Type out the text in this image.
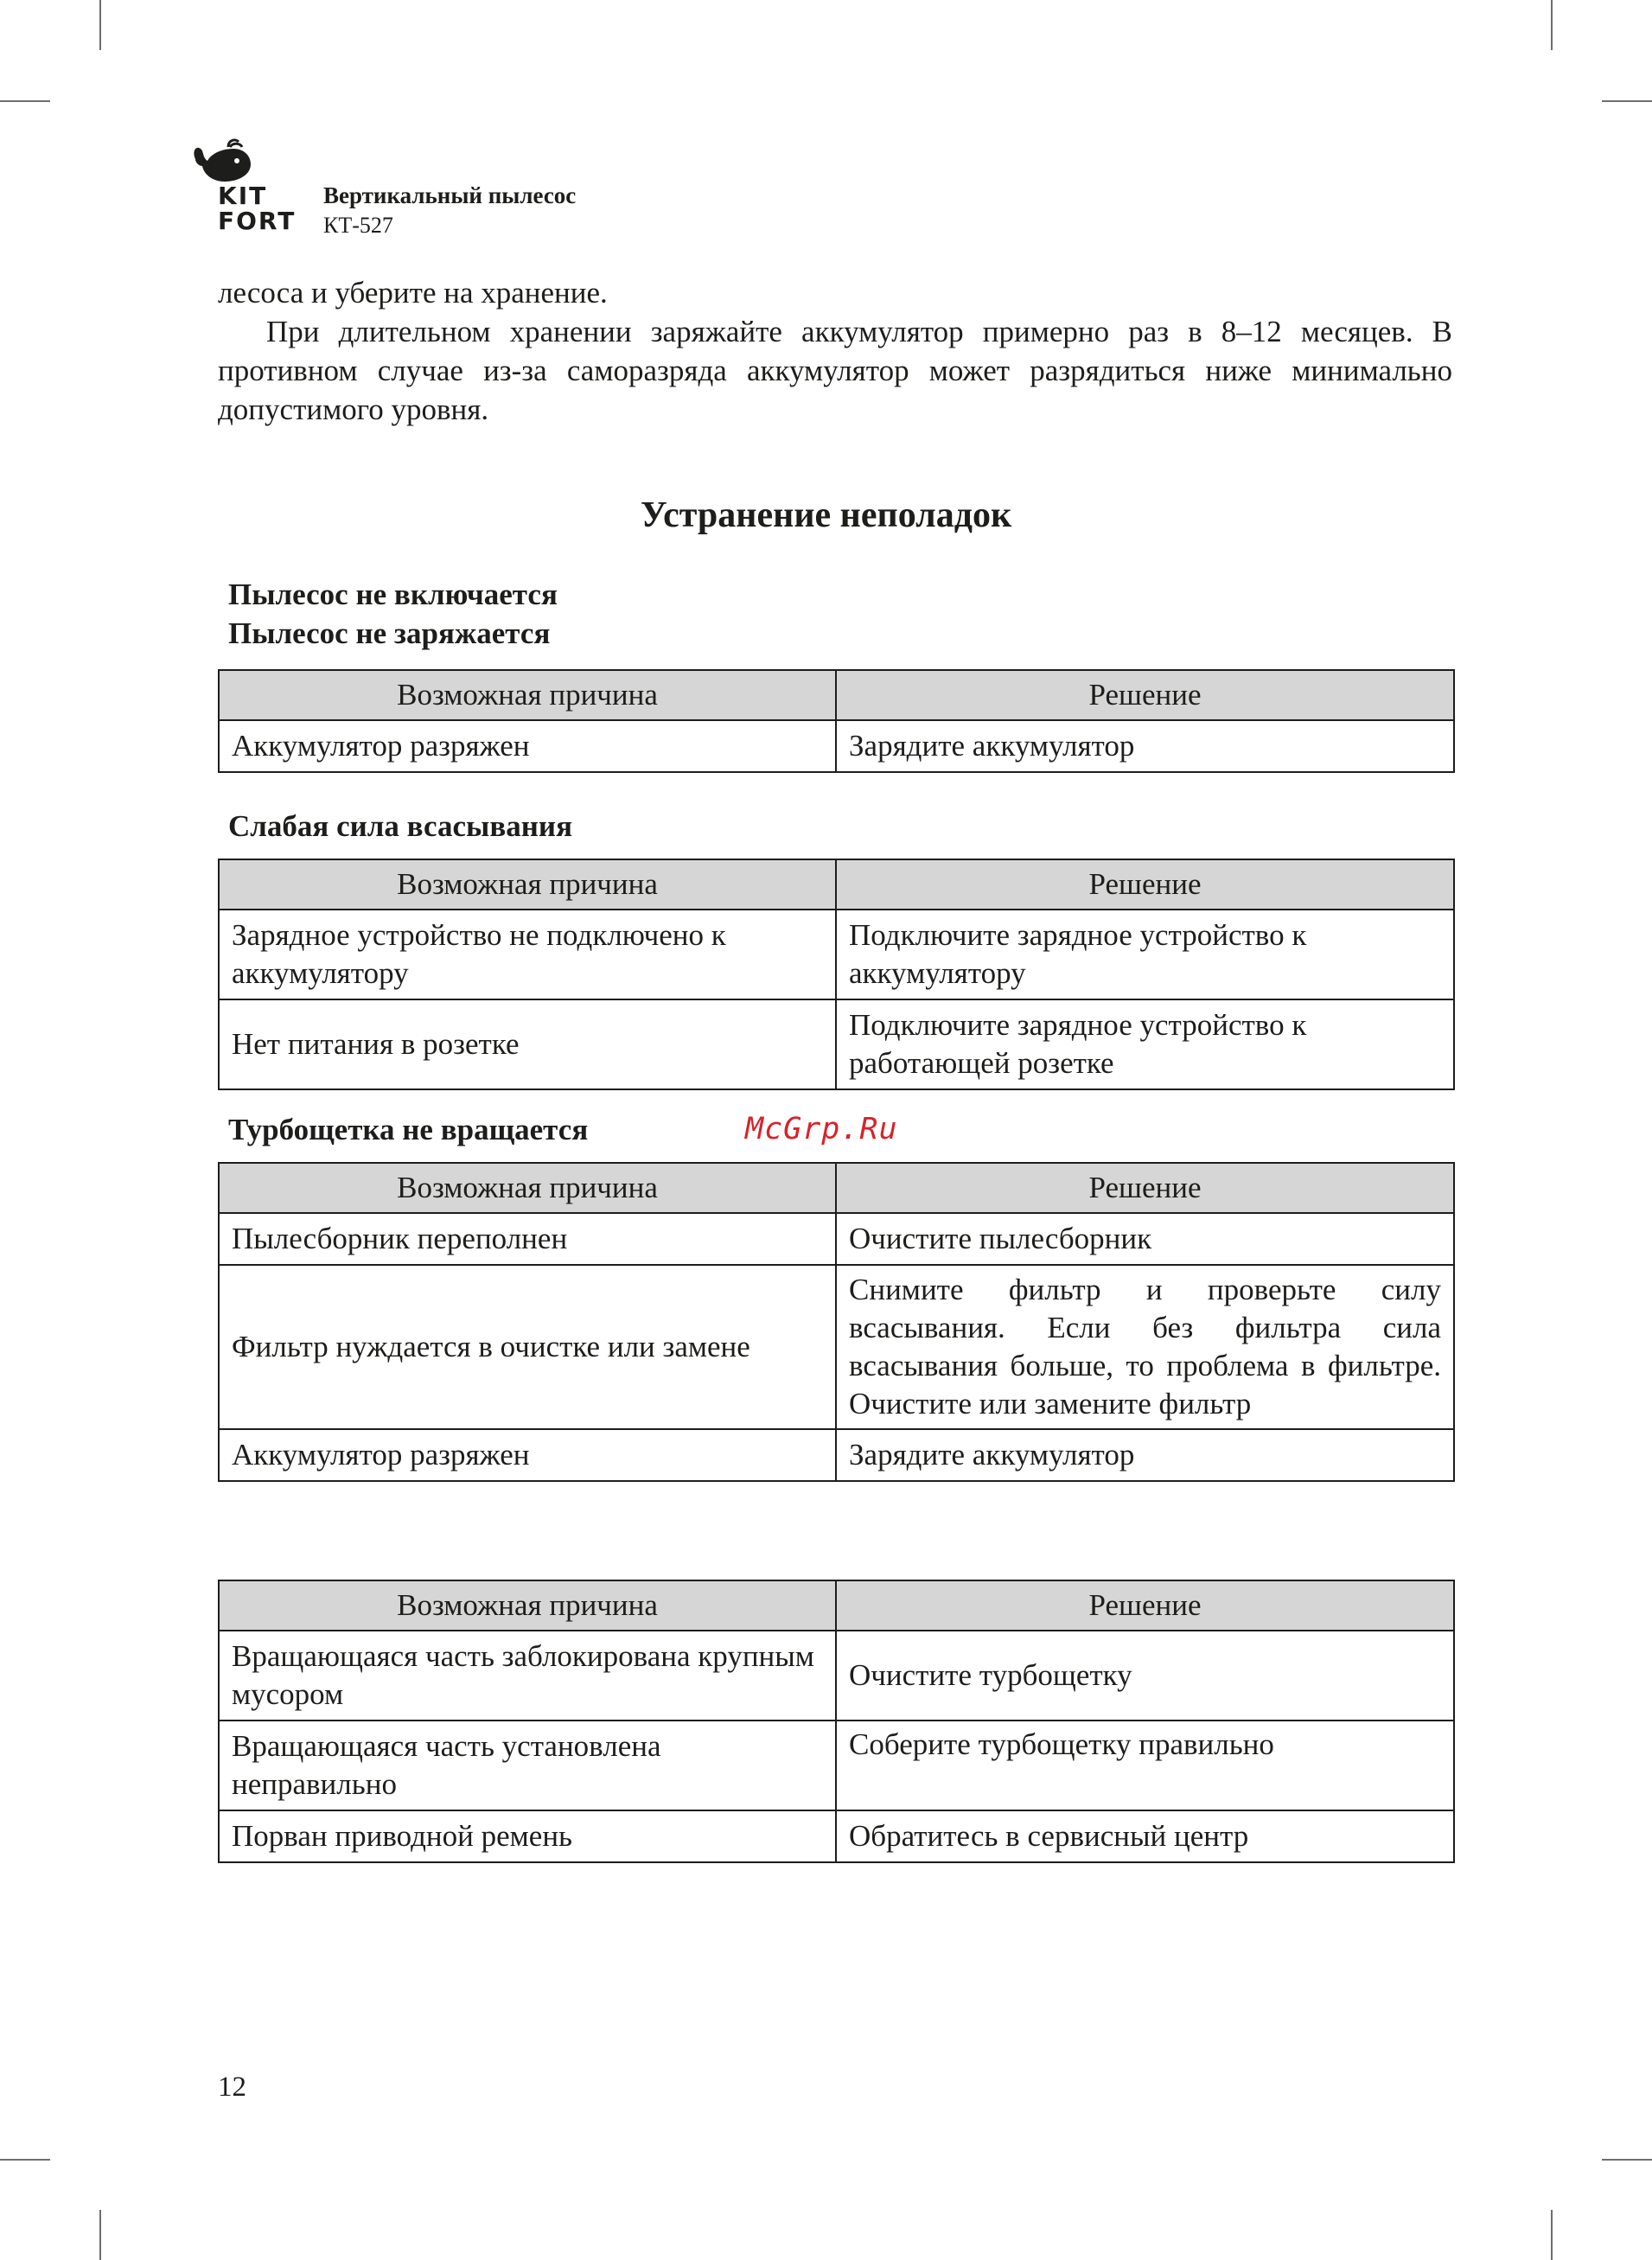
KIT
FORT
Вертикальный пылесос
КТ-527

лесоса и уберите на хранение.

При длительном хранении заряжайте аккумулятор примерно раз в 8–12 месяцев. В противном случае из-за саморазряда аккумулятор может разрядиться ниже минимально допустимого уровня.

Устранение неполадок
Пылесос не включается
Пылесос не заряжается
Возможная причина	Решение
Аккумулятор разряжен	Зарядите аккумулятор
Слабая сила всасывания
Возможная причина	Решение
Зарядное устройство не подключено к аккумулятору	Подключите зарядное устройство к аккумулятору
Нет питания в розетке	Подключите зарядное устройство к работающей розетке
Турбощетка не вращается	McGrp.Ru
Возможная причина	Решение
Пылесборник переполнен	Очистите пылесборник
Фильтр нуждается в очистке или замене	Снимите фильтр и проверьте силу всасывания. Если без фильтра сила всасывания больше, то проблема в фильтре. Очистите или замените фильтр
Аккумулятор разряжен	Зарядите аккумулятор
Возможная причина	Решение
Вращающаяся часть заблокирована крупным мусором	Очистите турбощетку
Вращающаяся часть установлена неправильно	Соберите турбощетку правильно
Порван приводной ремень	Обратитесь в сервисный центр
12
